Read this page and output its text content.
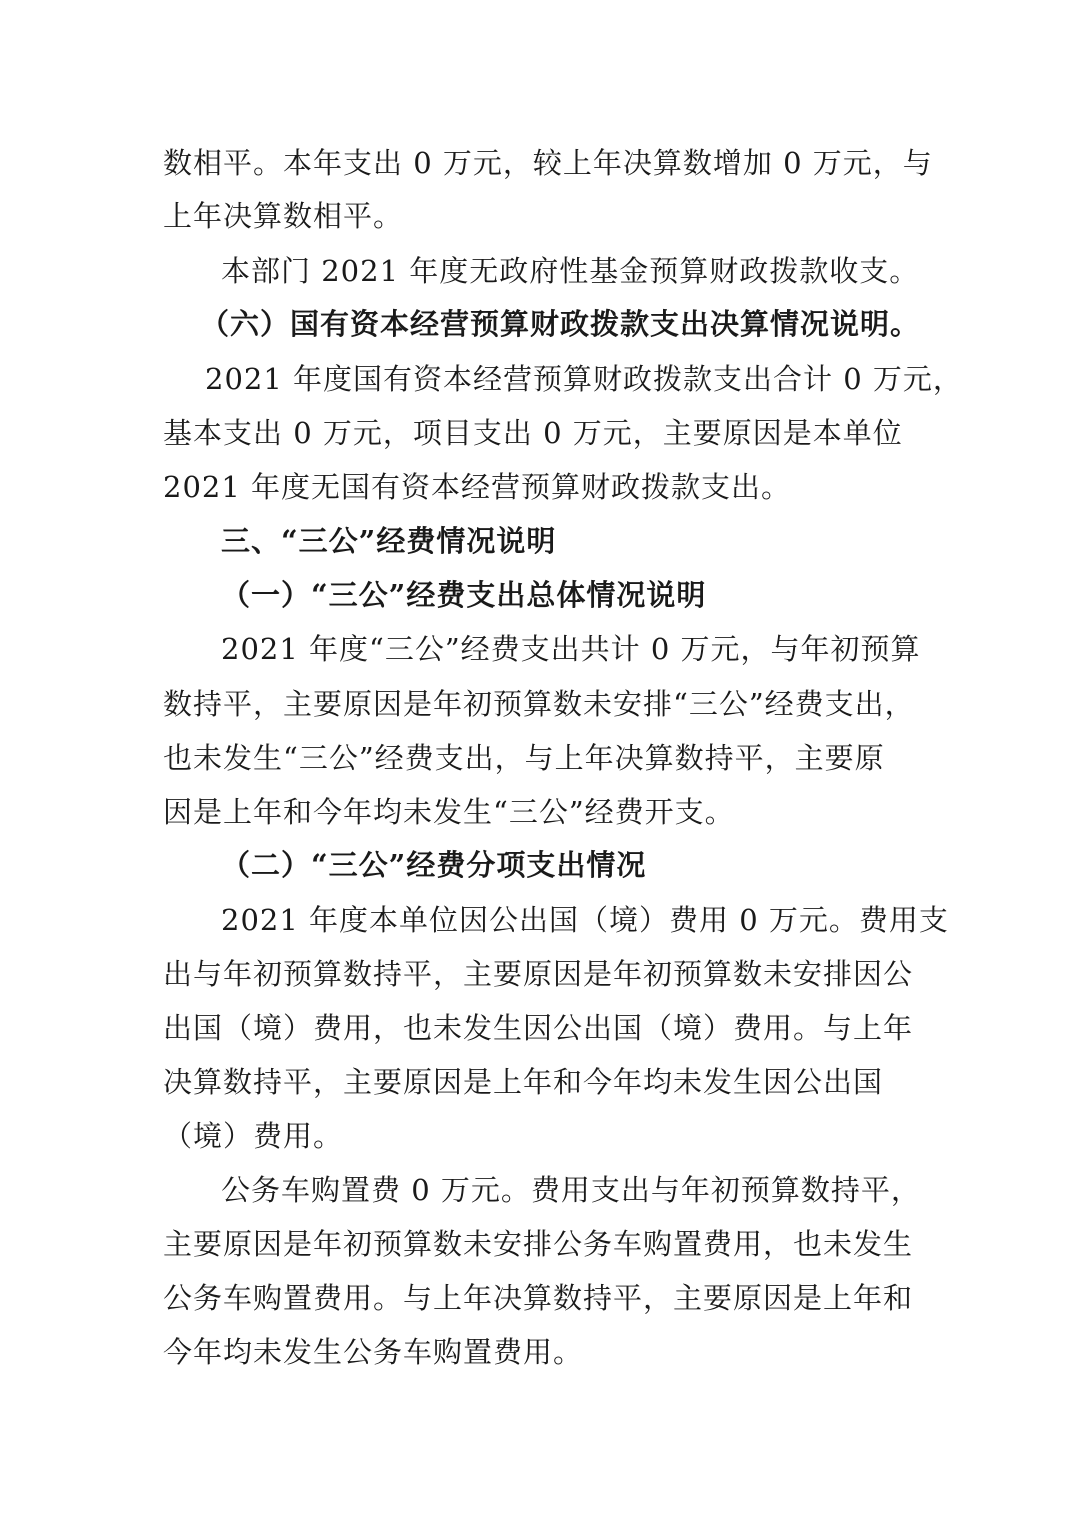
数相平。本年支出 0 万元，较上年决算数增加 0 万元，与
上年决算数相平。
本部门 2021 年度无政府性基金预算财政拨款收支。
（六）国有资本经营预算财政拨款支出决算情况说明。
2021 年度国有资本经营预算财政拨款支出合计 0 万元，
基本支出 0 万元，项目支出 0 万元，主要原因是本单位
2021 年度无国有资本经营预算财政拨款支出。
三、“三公”经费情况说明
（一）“三公”经费支出总体情况说明
2021 年度“三公”经费支出共计 0 万元，与年初预算
数持平，主要原因是年初预算数未安排“三公”经费支出，
也未发生“三公”经费支出，与上年决算数持平，主要原
因是上年和今年均未发生“三公”经费开支。
（二）“三公”经费分项支出情况
2021 年度本单位因公出国（境）费用 0 万元。费用支
出与年初预算数持平，主要原因是年初预算数未安排因公
出国（境）费用，也未发生因公出国（境）费用。与上年
决算数持平，主要原因是上年和今年均未发生因公出国
（境）费用。
公务车购置费 0 万元。费用支出与年初预算数持平，
主要原因是年初预算数未安排公务车购置费用，也未发生
公务车购置费用。与上年决算数持平，主要原因是上年和
今年均未发生公务车购置费用。
